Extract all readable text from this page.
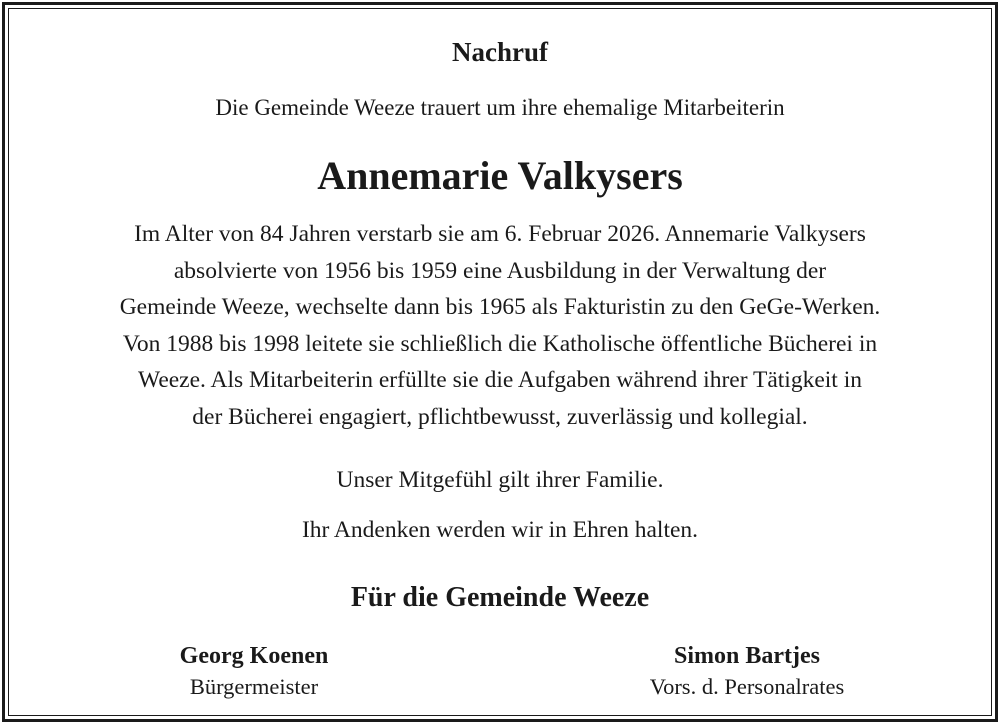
Nachruf
Die Gemeinde Weeze trauert um ihre ehemalige Mitarbeiterin
Annemarie Valkysers
Im Alter von 84 Jahren verstarb sie am 6. Februar 2026. Annemarie Valkysers
absolvierte von 1956 bis 1959 eine Ausbildung in der Verwaltung der
Gemeinde Weeze, wechselte dann bis 1965 als Fakturistin zu den GeGe-Werken.
Von 1988 bis 1998 leitete sie schließlich die Katholische öffentliche Bücherei in
Weeze. Als Mitarbeiterin erfüllte sie die Aufgaben während ihrer Tätigkeit in
der Bücherei engagiert, pflichtbewusst, zuverlässig und kollegial.
Unser Mitgefühl gilt ihrer Familie.
Ihr Andenken werden wir in Ehren halten.
Für die Gemeinde Weeze
Georg Koenen
Bürgermeister
Simon Bartjes
Vors. d. Personalrates
